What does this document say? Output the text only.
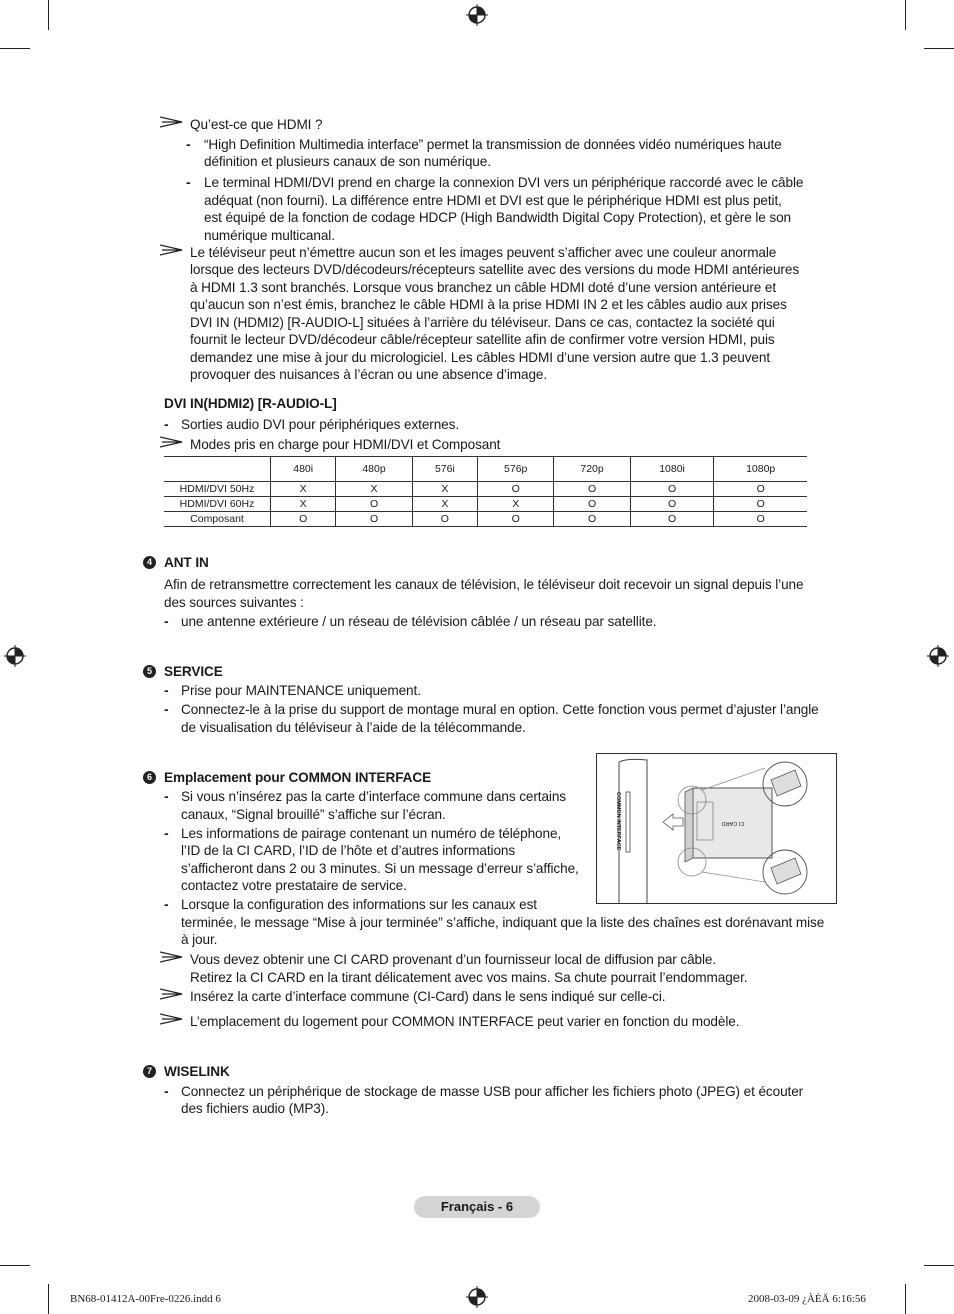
Qu’est-ce que HDMI ?
- “High Definition Multimedia interface” permet la transmission de données vidéo numériques haute
définition et plusieurs canaux de son numérique.
- Le terminal HDMI/DVI prend en charge la connexion DVI vers un périphérique raccordé avec le câble
adéquat (non fourni). La différence entre HDMI et DVI est que le périphérique HDMI est plus petit,
est équipé de la fonction de codage HDCP (High Bandwidth Digital Copy Protection), et gère le son
numérique multicanal.
Le téléviseur peut n’émettre aucun son et les images peuvent s’afficher avec une couleur anormale
lorsque des lecteurs DVD/décodeurs/récepteurs satellite avec des versions du mode HDMI antérieures
à HDMI 1.3 sont branchés. Lorsque vous branchez un câble HDMI doté d’une version antérieure et
qu’aucun son n’est émis, branchez le câble HDMI à la prise HDMI IN 2 et les câbles audio aux prises
DVI IN (HDMI2) [R-AUDIO-L] situées à l’arrière du téléviseur. Dans ce cas, contactez la société qui
fournit le lecteur DVD/décodeur câble/récepteur satellite afin de confirmer votre version HDMI, puis
demandez une mise à jour du micrologiciel. Les câbles HDMI d’une version autre que 1.3 peuvent
provoquer des nuisances à l’écran ou une absence d’image.
DVI IN(HDMI2) [R-AUDIO-L]
- Sorties audio DVI pour périphériques externes.
Modes pris en charge pour HDMI/DVI et Composant
	480i	480p	576i	576p	720p	1080i	1080p
HDMI/DVI 50Hz	X	X	X	O	O	O	O
HDMI/DVI 60Hz	X	O	X	X	O	O	O
Composant	O	O	O	O	O	O	O
4 ANT IN
Afin de retransmettre correctement les canaux de télévision, le téléviseur doit recevoir un signal depuis l’une
des sources suivantes :
- une antenne extérieure / un réseau de télévision câblée / un réseau par satellite.
5 SERVICE
- Prise pour MAINTENANCE uniquement.
- Connectez-le à la prise du support de montage mural en option. Cette fonction vous permet d’ajuster l’angle
de visualisation du téléviseur à l’aide de la télécommande.
6 Emplacement pour COMMON INTERFACE
- Si vous n’insérez pas la carte d’interface commune dans certains
canaux, “Signal brouillé” s’affiche sur l’écran.
- Les informations de pairage contenant un numéro de téléphone,
l’ID de la CI CARD, l’ID de l’hôte et d’autres informations
s’afficheront dans 2 ou 3 minutes. Si un message d’erreur s’affiche,
contactez votre prestataire de service.
- Lorsque la configuration des informations sur les canaux est
terminée, le message “Mise à jour terminée” s’affiche, indiquant que la liste des chaînes est dorénavant mise
à jour.
Vous devez obtenir une CI CARD provenant d’un fournisseur local de diffusion par câble.
Retirez la CI CARD en la tirant délicatement avec vos mains. Sa chute pourrait l’endommager.
Insérez la carte d’interface commune (CI-Card) dans le sens indiqué sur celle-ci.
L’emplacement du logement pour COMMON INTERFACE peut varier en fonction du modèle.
COMMON INTERFACE	CI CARD
7 WISELINK
- Connectez un périphérique de stockage de masse USB pour afficher les fichiers photo (JPEG) et écouter
des fichiers audio (MP3).
Français - 6
BN68-01412A-00Fre-0226.indd 6	2008-03-09 ¿ÀÈÄ 6:16:56
